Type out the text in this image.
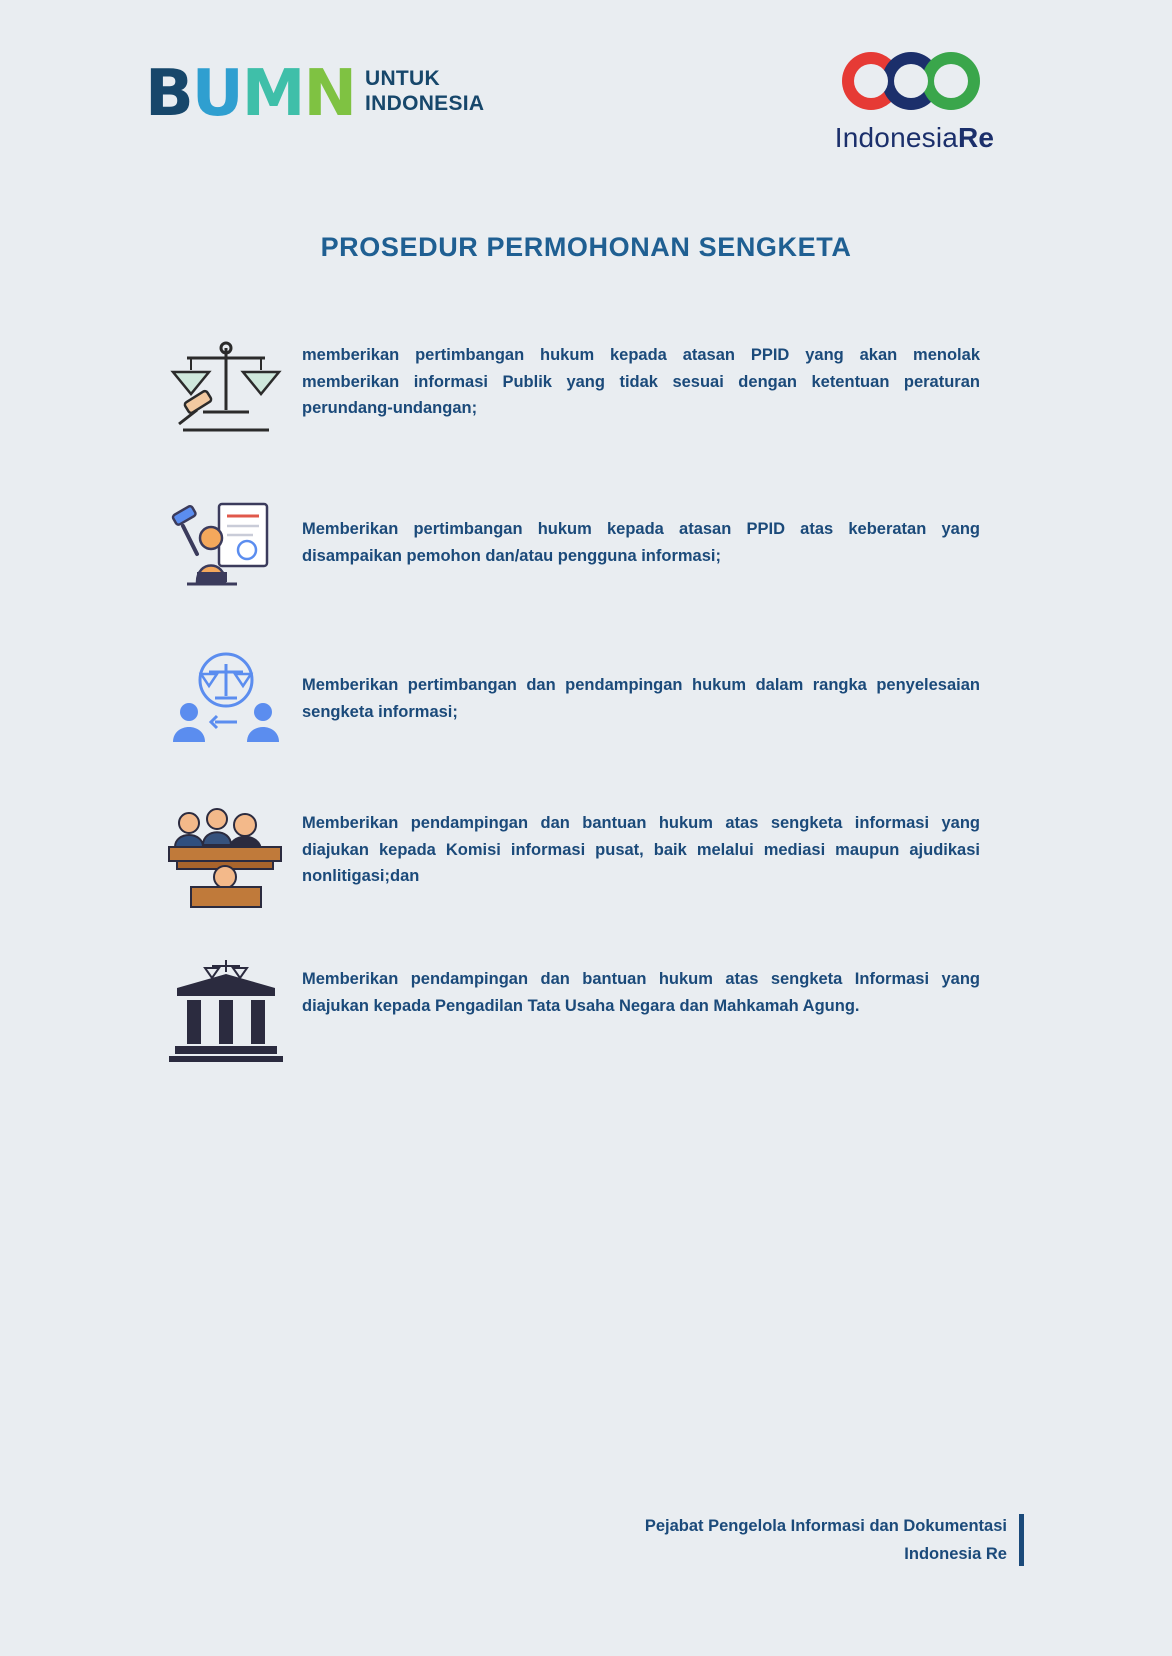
BUMN UNTUK
INDONESIA
IndonesiaRe
PROSEDUR PERMOHONAN SENGKETA
memberikan pertimbangan hukum kepada atasan PPID yang akan menolak memberikan informasi Publik yang tidak sesuai dengan ketentuan peraturan perundang-undangan;
Memberikan pertimbangan hukum kepada atasan PPID atas keberatan yang disampaikan pemohon dan/atau pengguna informasi;
Memberikan pertimbangan dan pendampingan hukum dalam rangka penyelesaian sengketa informasi;
Memberikan pendampingan dan bantuan hukum atas sengketa informasi yang diajukan kepada Komisi informasi pusat, baik melalui mediasi maupun ajudikasi nonlitigasi;dan
Memberikan pendampingan dan bantuan hukum atas sengketa Informasi yang diajukan kepada Pengadilan Tata Usaha Negara dan Mahkamah Agung.
Pejabat Pengelola Informasi dan Dokumentasi
Indonesia Re
